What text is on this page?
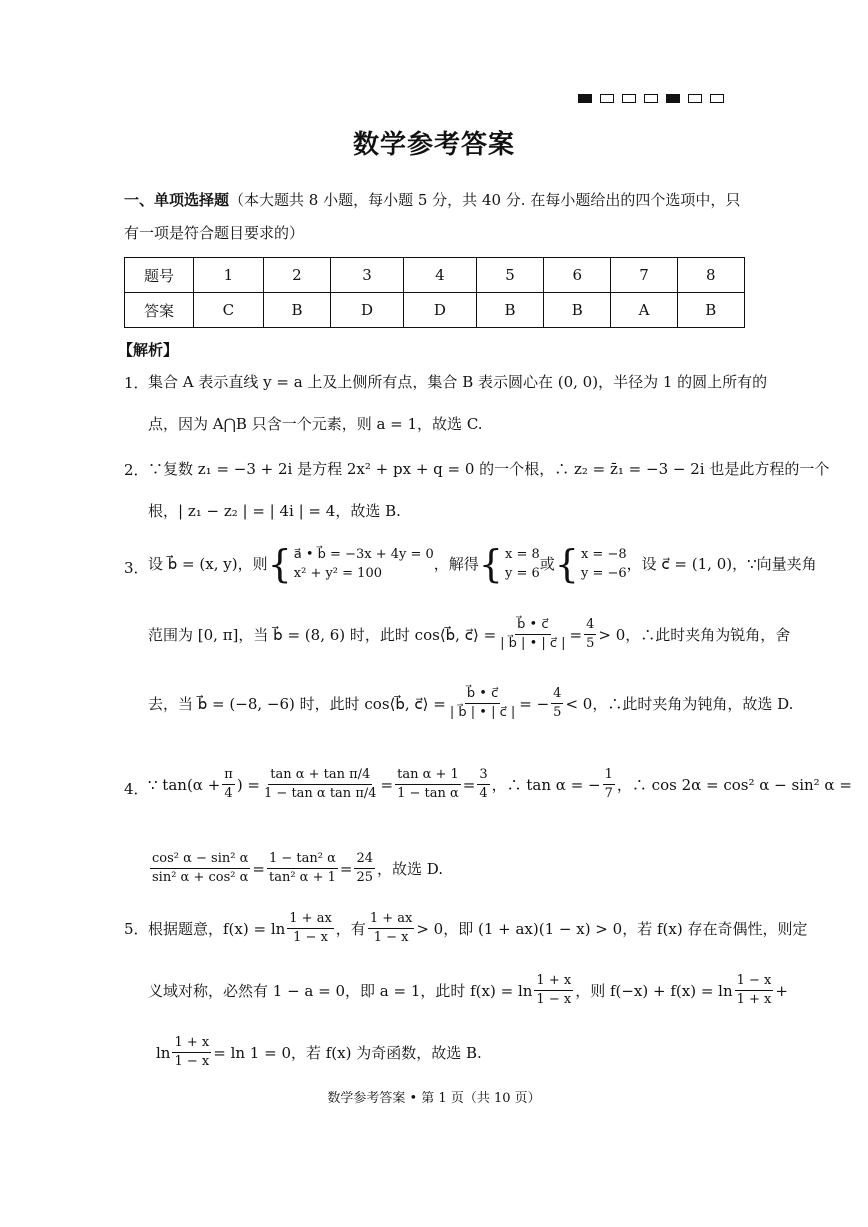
数学参考答案
一、单项选择题（本大题共 8 小题，每小题 5 分，共 40 分. 在每小题给出的四个选项中，只有一项是符合题目要求的）
题号	1	2	3	4	5	6	7	8
答案	C	B	D	D	B	B	A	B
【解析】
1． 集合 A 表示直线 y = a 上及上侧所有点，集合 B 表示圆心在 (0, 0)，半径为 1 的圆上所有的
点，因为 A⋂B 只含一个元素，则 a = 1，故选 C.
2． ∵复数 z₁ = −3 + 2i 是方程 2x² + px + q = 0 的一个根，∴ z₂ = z̄₁ = −3 − 2i 也是此方程的一个
根，| z₁ − z₂ | = | 4i | = 4，故选 B.
3． 设 b⃗ = (x, y)，则 { a⃗ • b⃗ = −3x + 4y = 0
x² + y² = 100
，解得 { x = 8
y = 6
或 { x = −8
y = −6
，设 c⃗ = (1, 0)，∵向量夹角
范围为 [0, π]，当 b⃗ = (8, 6) 时，此时 cos⟨b⃗, c⃗⟩ = $\frac{b⃗ • c⃗}{| b⃗ | • | c⃗ |} = \frac{4}{5} > 0$，∴此时夹角为锐角，舍
去，当 b⃗ = (−8, −6) 时，此时 cos⟨b⃗, c⃗⟩ = $\frac{b⃗ • c⃗}{| b⃗ | • | c⃗ |}$ = − $\frac{4}{5} < 0$，∴此时夹角为钝角，故选 D.
4． ∵ $\tan(\alpha + \frac{\pi}{4}$ ) = $\frac{\text{tan α + tan π/4}}{\text{1 − tan α tan π/4}} = \frac{\text{tan α + 1}}{\text{1 − tan α}} = \frac{3}{4}$ ，∴ tan α = − $\frac{1}{7}$ ，∴ cos 2α = cos² α − sin² α =
$\frac{\text{cos² α − sin² α}}{\text{sin² α + cos² α}} = \frac{\text{1 − tan² α}}{\text{tan² α + 1}} = \frac{24}{25}$ ，故选 D.
5． 根据题意，$f(x) = \ln \frac{1 + ax}{1 - x}$ ，有 $\frac{1 + ax}{1 - x} > 0$，即 (1 + ax)(1 − x) > 0，若 f(x) 存在奇偶性，则定
义域对称，必然有 1 − a = 0，即 a = 1，此时 $f(x) = \ln \frac{1 + x}{1 - x}$ ，则 $f(-x) + f(x) = \ln \frac{1 - x}{1 + x}$ +
$\ln \frac{1 + x}{1 - x} = \ln 1 = 0$，若 f(x) 为奇函数，故选 B.
数学参考答案 • 第 1 页（共 10 页）
